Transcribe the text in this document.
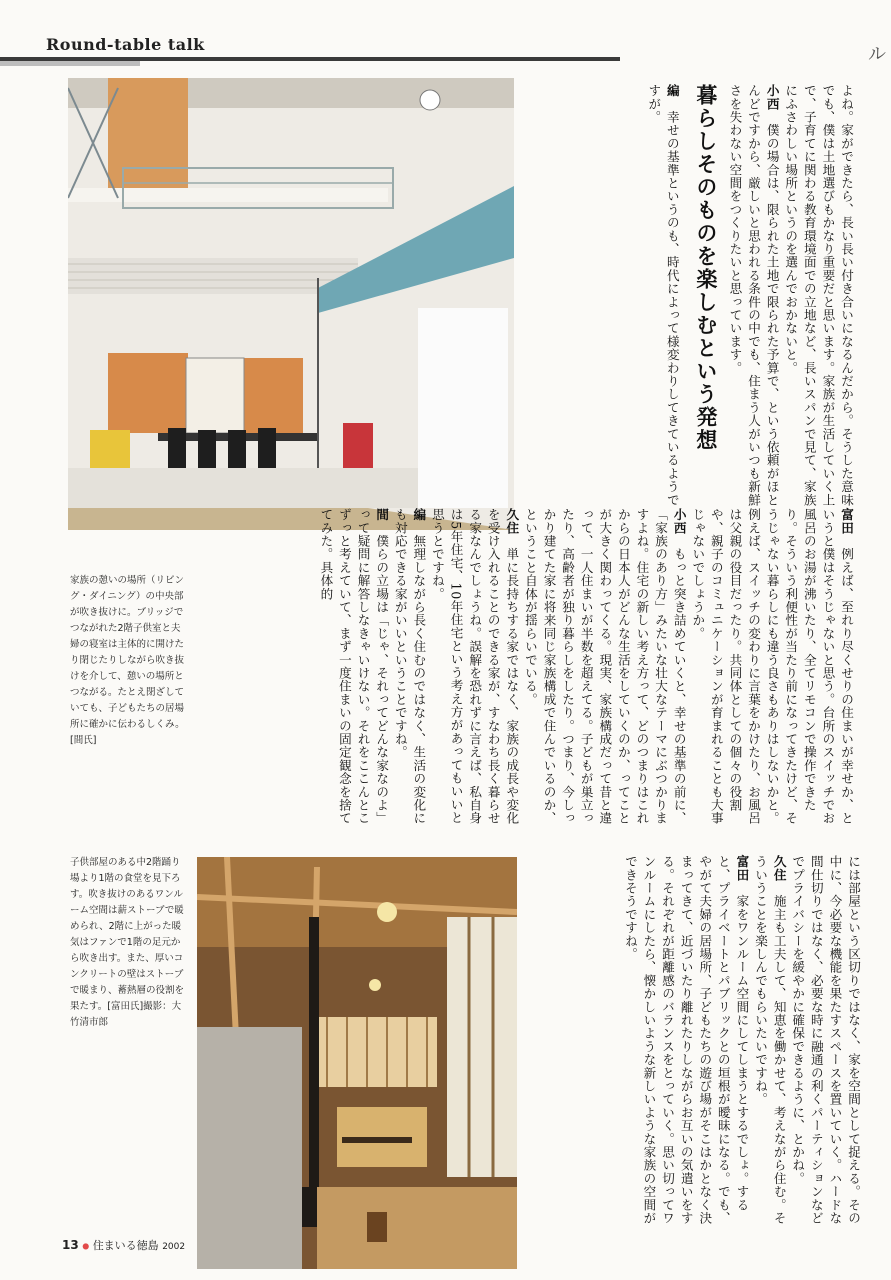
Round-table talk	ル
家族の憩いの場所（リビング・ダイニング）の中央部が吹き抜けに。ブリッジでつながれた2階子供室と夫婦の寝室は主体的に開けたり閉じたりしながら吹き抜けを介して、憩いの場所とつながる。たとえ閉ざしていても、子どもたちの居場所に確かに伝わるしくみ。[間氏]
子供部屋のある中2階踊り場より1階の食堂を見下ろす。吹き抜けのあるワンルーム空間は薪ストーブで暖められ、2階に上がった暖気はファンで1階の足元から吹き出す。また、厚いコンクリートの壁はストーブで暖まり、蓄熱層の役割を果たす。[富田氏]撮影：大竹清市郎

よね。家ができたら、長い長い付き合いになるんだから。そうした意味でも、僕は土地選びもかなり重要だと思います。家族が生活していく上で、子育てに関わる教育環境面での立地など、長いスパンで見て、家族にふさわしい場所というのを選んでおかないと。

小西　僕の場合は、限られた土地で限られた予算で、という依頼がほとんどですから、厳しいと思われる条件の中でも、住まう人がいつも新鮮さを失わない空間をつくりたいと思っています。

暮らしそのものを楽しむという発想

編　幸せの基準というのも、時代によって様変わりしてきているようですが。

富田　例えば、至れり尽くせりの住まいが幸せか、というと僕はそうじゃないと思う。台所のスイッチでお風呂のお湯が沸いたり、全てリモコンで操作できたり。そういう利便性が当たり前になってきたけど、そうじゃない暮らしにも違う良さもありはしないかと。例えば、スイッチの変わりに言葉をかけたり、お風呂は父親の役目だったり。共同体としての個々の役割や、親子のコミュニケーションが育まれることも大事じゃないでしょうか。

小西　もっと突き詰めていくと、幸せの基準の前に、「家族のあり方」みたいな壮大なテーマにぶつかりますよね。住宅の新しい考え方って、どのつまりはこれからの日本人がどんな生活をしていくのか、ってことが大きく関わってくる。現実、家族構成だって昔と違って、一人住まいが半数を超えてる。子どもが巣立ったり、高齢者が独り暮らしをしたり。つまり、今しっかり建てた家に将来同じ家族構成で住んでいるのか、ということ自体が揺らいでいる。

久住　単に長持ちする家ではなく、家族の成長や変化を受け入れることのできる家が、すなわち長く暮らせる家なんでしょうね。誤解を恐れずに言えば、私自身は5年住宅、10年住宅という考え方があってもいいと思うとですね。

編　無理しながら長く住むのではなく、生活の変化にも対応できる家がいいということですね。

間　僕らの立場は「じゃ、それってどんな家なのよ」って疑問に解答しなきゃいけない。それをここんとこずっと考えていて、まず一度住まいの固定観念を捨ててみた。具体的

には部屋という区切りではなく、家を空間として捉える。その中に、今必要な機能を果たすスペースを置いていく。ハードな間仕切りではなく、必要な時に融通の利くパーティションなどでプライバシーを緩やかに確保できるように、とかね。

久住　施主も工夫して、知恵を働かせて、考えながら住む。そういうことを楽しんでもらいたいですね。

富田　家をワンルーム空間にしてしまうとするでしょ。すると、プライベートとパブリックとの垣根が曖昧になる。でも、やがて夫婦の居場所、子どもたちの遊び場がそこはかとなく決まってきて、近づいたり離れたりしながらお互いの気遣いをする。それぞれが距離感のバランスをとっていく。思い切ってワンルームにしたら、懐かしいような新しいような家族の空間ができそうですね。

13 ● 住まいる徳島 2002
